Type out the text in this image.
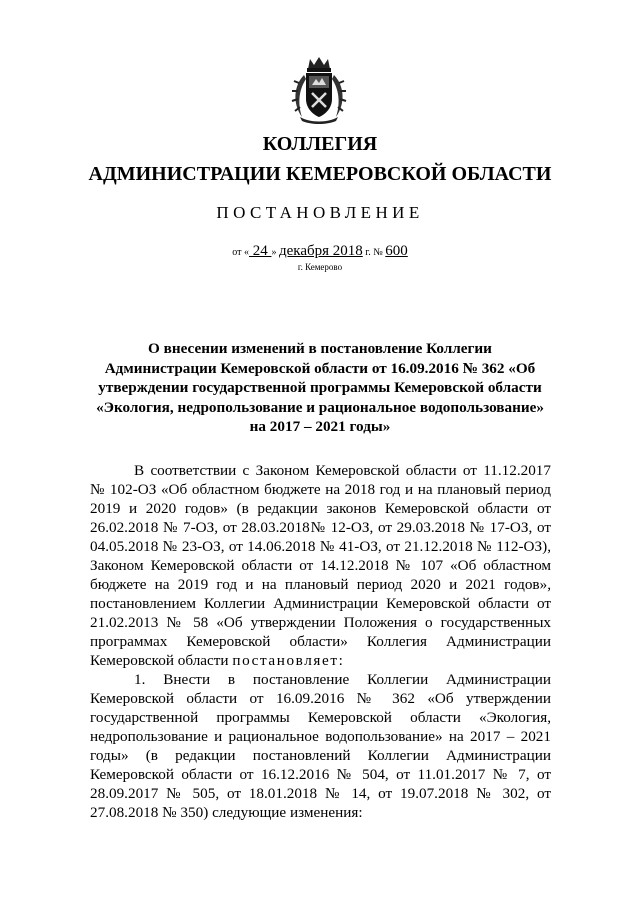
КОЛЛЕГИЯ
АДМИНИСТРАЦИИ КЕМЕРОВСКОЙ ОБЛАСТИ
ПОСТАНОВЛЕНИЕ
от « 24 » декабря 2018 г. № 600
г. Кемерово
О внесении изменений в постановление Коллегии Администрации Кемеровской области от 16.09.2016 № 362 «Об утверждении государственной программы Кемеровской области «Экология, недропользование и рациональное водопользование» на 2017 – 2021 годы»

В соответствии с Законом Кемеровской области от 11.12.2017 № 102-ОЗ «Об областном бюджете на 2018 год и на плановый период 2019 и 2020 годов» (в редакции законов Кемеровской области от 26.02.2018 № 7-ОЗ, от 28.03.2018№ 12-ОЗ, от 29.03.2018 № 17-ОЗ, от 04.05.2018 № 23-ОЗ, от 14.06.2018 № 41-ОЗ, от 21.12.2018 № 112-ОЗ), Законом Кемеровской области от 14.12.2018 № 107 «Об областном бюджете на 2019 год и на плановый период 2020 и 2021 годов», постановлением Коллегии Администрации Кемеровской области от 21.02.2013 № 58 «Об утверждении Положения о государственных программах Кемеровской области» Коллегия Администрации Кемеровской области постановляет:

1. Внести в постановление Коллегии Администрации Кемеровской области от 16.09.2016 № 362 «Об утверждении государственной программы Кемеровской области «Экология, недропользование и рациональное водопользование» на 2017 – 2021 годы» (в редакции постановлений Коллегии Администрации Кемеровской области от 16.12.2016 № 504, от 11.01.2017 № 7, от 28.09.2017 № 505, от 18.01.2018 № 14, от 19.07.2018 № 302, от 27.08.2018 № 350) следующие изменения:
